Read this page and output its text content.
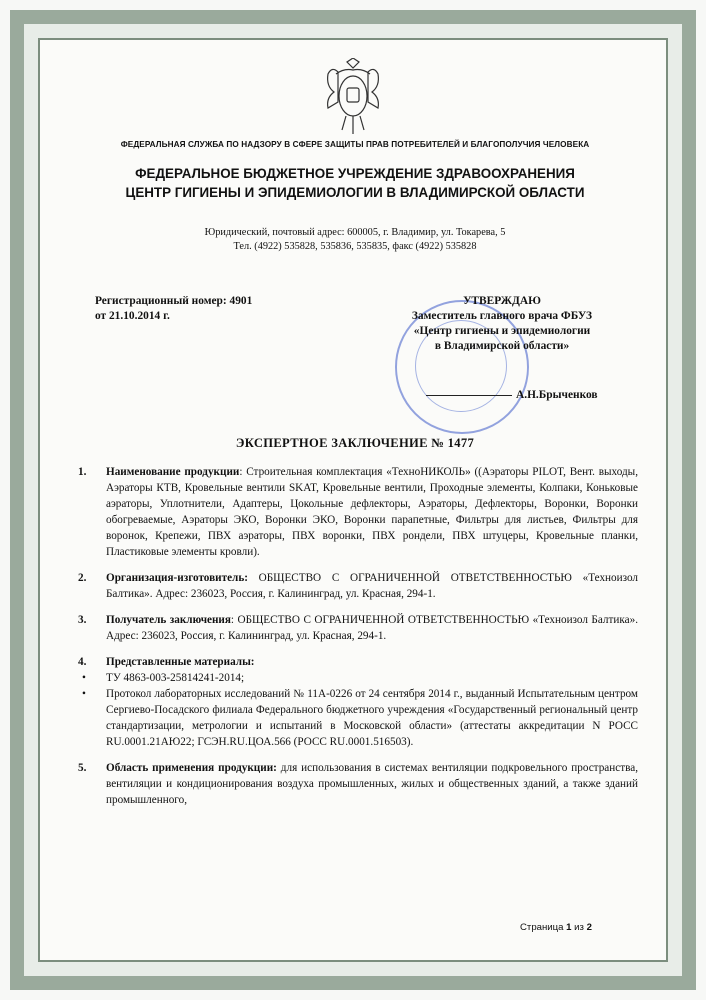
ФЕДЕРАЛЬНАЯ СЛУЖБА ПО НАДЗОРУ В СФЕРЕ ЗАЩИТЫ ПРАВ ПОТРЕБИТЕЛЕЙ И БЛАГОПОЛУЧИЯ ЧЕЛОВЕКА
ФЕДЕРАЛЬНОЕ БЮДЖЕТНОЕ УЧРЕЖДЕНИЕ ЗДРАВООХРАНЕНИЯ
ЦЕНТР ГИГИЕНЫ И ЭПИДЕМИОЛОГИИ В ВЛАДИМИРСКОЙ ОБЛАСТИ
Юридический, почтовый адрес: 600005, г. Владимир, ул. Токарева, 5
Тел. (4922) 535828, 535836, 535835, факс (4922) 535828
Регистрационный номер: 4901
от 21.10.2014 г.
УТВЕРЖДАЮ
Заместитель главного врача ФБУЗ
«Центр гигиены и эпидемиологии
в Владимирской области»
А.Н.Брыченков
ЭКСПЕРТНОЕ ЗАКЛЮЧЕНИЕ № 1477
1. Наименование продукции: Строительная комплектация «ТехноНИКОЛЬ» ((Аэраторы PILOT, Вент. выходы, Аэраторы КТВ, Кровельные вентили SKAT, Кровельные вентили, Проходные элементы, Колпаки, Коньковые аэраторы, Уплотнители, Адаптеры, Цокольные дефлекторы, Аэраторы, Дефлекторы, Воронки, Воронки обогреваемые, Аэраторы ЭКО, Воронки ЭКО, Воронки парапетные, Фильтры для листьев, Фильтры для воронок, Крепежи, ПВХ аэраторы, ПВХ воронки, ПВХ рондели, ПВХ штуцеры, Кровельные планки, Пластиковые элементы кровли).
2. Организация-изготовитель: ОБЩЕСТВО С ОГРАНИЧЕННОЙ ОТВЕТСТВЕННОСТЬЮ «Техноизол Балтика». Адрес: 236023, Россия, г. Калининград, ул. Красная, 294-1.
3. Получатель заключения: ОБЩЕСТВО С ОГРАНИЧЕННОЙ ОТВЕТСТВЕННОСТЬЮ «Техноизол Балтика». Адрес: 236023, Россия, г. Калининград, ул. Красная, 294-1.
4. Представленные материалы:
• ТУ 4863-003-25814241-2014;
• Протокол лабораторных исследований № 11А-0226 от 24 сентября 2014 г., выданный Испытательным центром Сергиево-Посадского филиала Федерального бюджетного учреждения «Государственный региональный центр стандартизации, метрологии и испытаний в Московской области» (аттестаты аккредитации N РОСС RU.0001.21АЮ22; ГСЭН.RU.ЦОА.566 (РОСС RU.0001.516503).
5. Область применения продукции: для использования в системах вентиляции подкровельного пространства, вентиляции и кондиционирования воздуха промышленных, жилых и общественных зданий, а также зданий промышленного,
Страница 1 из 2
